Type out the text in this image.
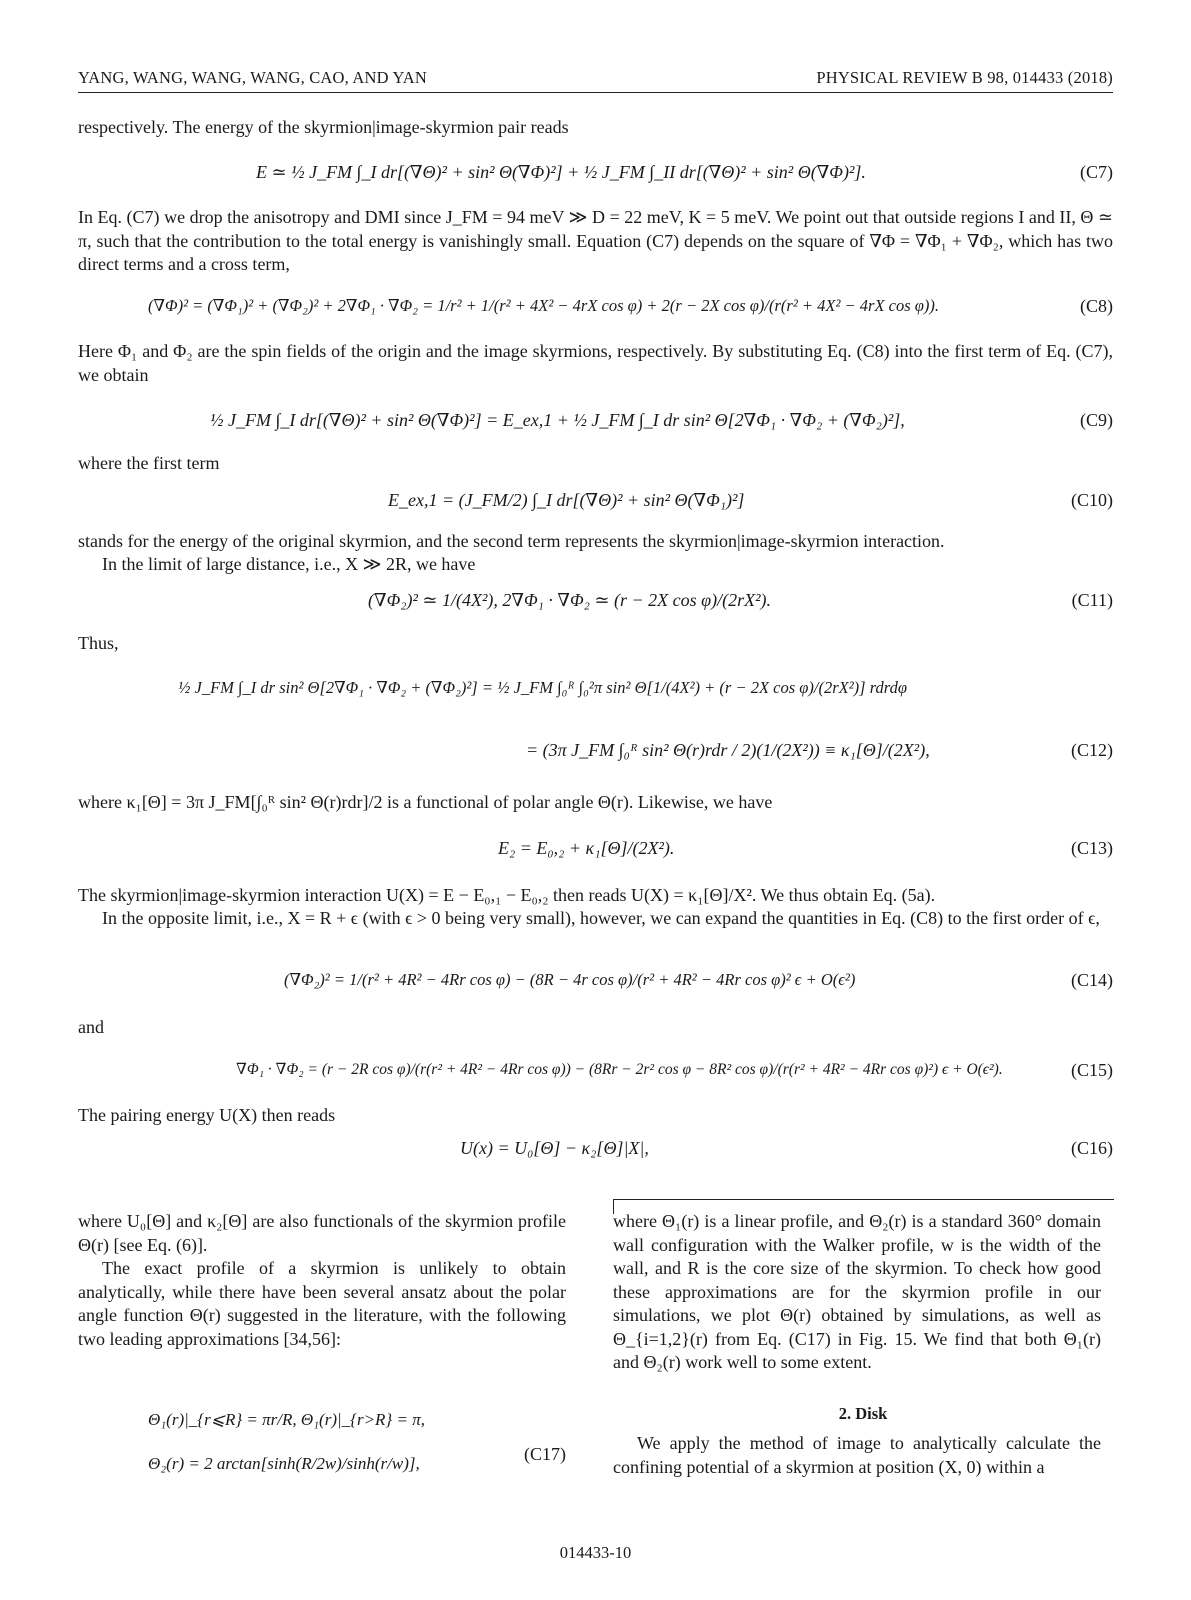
YANG, WANG, WANG, WANG, CAO, AND YAN	PHYSICAL REVIEW B 98, 014433 (2018)
respectively. The energy of the skyrmion|image-skyrmion pair reads
E ≃ ½ J_FM ∫_I dr[(∇Θ)² + sin² Θ(∇Φ)²] + ½ J_FM ∫_II dr[(∇Θ)² + sin² Θ(∇Φ)²].	(C7)
In Eq. (C7) we drop the anisotropy and DMI since J_FM = 94 meV ≫ D = 22 meV, K = 5 meV. We point out that outside regions I and II, Θ ≃ π, such that the contribution to the total energy is vanishingly small. Equation (C7) depends on the square of ∇Φ = ∇Φ₁ + ∇Φ₂, which has two direct terms and a cross term,
(∇Φ)² = (∇Φ₁)² + (∇Φ₂)² + 2∇Φ₁ · ∇Φ₂ = 1/r² + 1/(r² + 4X² − 4rX cos φ) + 2(r − 2X cos φ)/(r(r² + 4X² − 4rX cos φ)).	(C8)
Here Φ₁ and Φ₂ are the spin fields of the origin and the image skyrmions, respectively. By substituting Eq. (C8) into the first term of Eq. (C7), we obtain
½ J_FM ∫_I dr[(∇Θ)² + sin² Θ(∇Φ)²] = E_ex,1 + ½ J_FM ∫_I dr sin² Θ[2∇Φ₁ · ∇Φ₂ + (∇Φ₂)²],	(C9)
where the first term
E_ex,1 = (J_FM/2) ∫_I dr[(∇Θ)² + sin² Θ(∇Φ₁)²]	(C10)
stands for the energy of the original skyrmion, and the second term represents the skyrmion|image-skyrmion interaction.
In the limit of large distance, i.e., X ≫ 2R, we have
(∇Φ₂)² ≃ 1/(4X²), 2∇Φ₁ · ∇Φ₂ ≃ (r − 2X cos φ)/(2rX²).	(C11)
Thus,
½ J_FM ∫_I dr sin² Θ[2∇Φ₁ · ∇Φ₂ + (∇Φ₂)²] = ½ J_FM ∫₀ᴿ ∫₀²π sin² Θ[1/(4X²) + (r − 2X cos φ)/(2rX²)] rdrdφ
= (3π J_FM ∫₀ᴿ sin² Θ(r)rdr / 2)(1/(2X²)) ≡ κ₁[Θ]/(2X²),	(C12)
where κ₁[Θ] = 3π J_FM[∫₀ᴿ sin² Θ(r)rdr]/2 is a functional of polar angle Θ(r). Likewise, we have
E₂ = E₀,₂ + κ₁[Θ]/(2X²).	(C13)
The skyrmion|image-skyrmion interaction U(X) = E − E₀,₁ − E₀,₂ then reads U(X) = κ₁[Θ]/X². We thus obtain Eq. (5a).
In the opposite limit, i.e., X = R + ϵ (with ϵ > 0 being very small), however, we can expand the quantities in Eq. (C8) to the first order of ϵ,
(∇Φ₂)² = 1/(r² + 4R² − 4Rr cos φ) − (8R − 4r cos φ)/(r² + 4R² − 4Rr cos φ)² ϵ + O(ϵ²)	(C14)
and
∇Φ₁ · ∇Φ₂ = (r − 2R cos φ)/(r(r² + 4R² − 4Rr cos φ)) − (8Rr − 2r² cos φ − 8R² cos φ)/(r(r² + 4R² − 4Rr cos φ)²) ϵ + O(ϵ²).	(C15)
The pairing energy U(X) then reads
U(x) = U₀[Θ] − κ₂[Θ]|X|,	(C16)
where U₀[Θ] and κ₂[Θ] are also functionals of the skyrmion profile Θ(r) [see Eq. (6)].
The exact profile of a skyrmion is unlikely to obtain analytically, while there have been several ansatz about the polar angle function Θ(r) suggested in the literature, with the following two leading approximations [34,56]:
Θ₁(r)|_{r⩽R} = πr/R, Θ₁(r)|_{r>R} = π, Θ₂(r) = 2 arctan[sinh(R/2w)/sinh(r/w)],	(C17)
where Θ₁(r) is a linear profile, and Θ₂(r) is a standard 360° domain wall configuration with the Walker profile, w is the width of the wall, and R is the core size of the skyrmion. To check how good these approximations are for the skyrmion profile in our simulations, we plot Θ(r) obtained by simulations, as well as Θ_{i=1,2}(r) from Eq. (C17) in Fig. 15. We find that both Θ₁(r) and Θ₂(r) work well to some extent.
2. Disk
We apply the method of image to analytically calculate the confining potential of a skyrmion at position (X, 0) within a
014433-10
